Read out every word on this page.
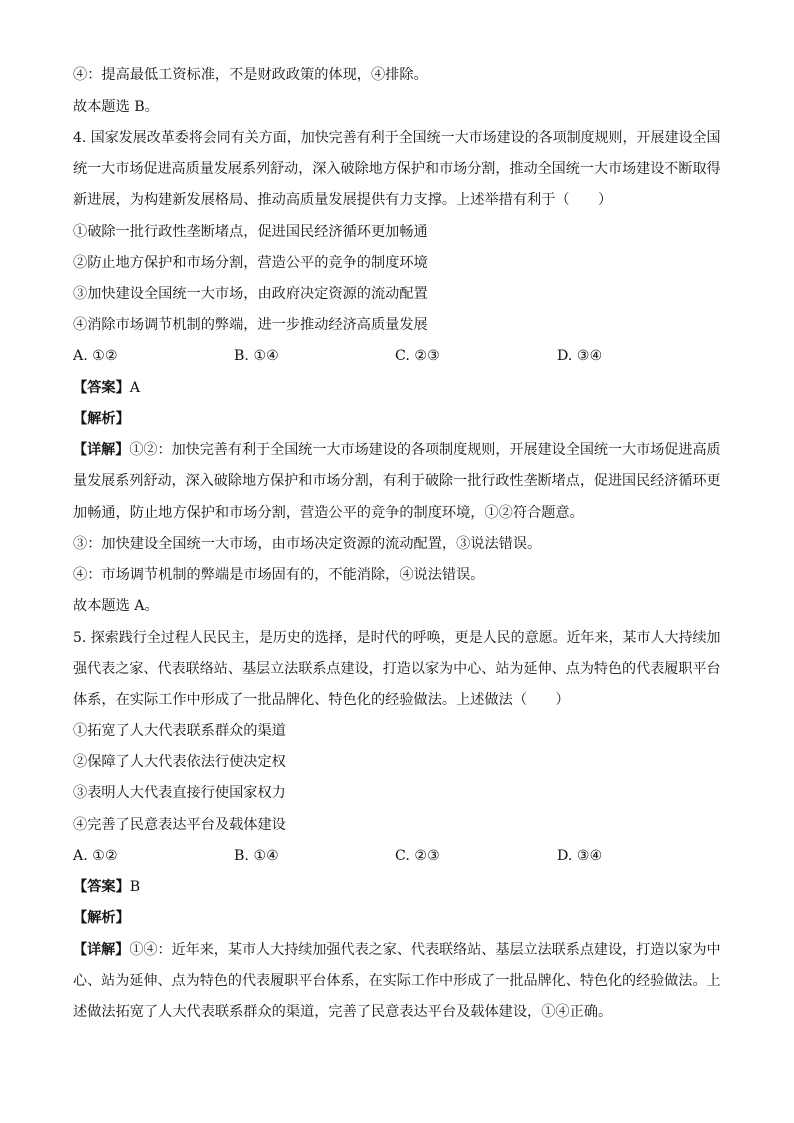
④：提高最低工资标准，不是财政政策的体现，④排除。
故本题选 B。
4. 国家发展改革委将会同有关方面，加快完善有利于全国统一大市场建设的各项制度规则，开展建设全国
统一大市场促进高质量发展系列舒动，深入破除地方保护和市场分割，推动全国统一大市场建设不断取得
新进展，为构建新发展格局、推动高质量发展提供有力支撑。上述举措有利于（　　）
①破除一批行政性垄断堵点，促进国民经济循环更加畅通
②防止地方保护和市场分割，营造公平的竞争的制度环境
③加快建设全国统一大市场，由政府决定资源的流动配置
④消除市场调节机制的弊端，进一步推动经济高质量发展
A. ①②	B. ①④	C. ②③	D. ③④
【答案】A
【解析】
【详解】①②：加快完善有利于全国统一大市场建设的各项制度规则，开展建设全国统一大市场促进高质
量发展系列舒动，深入破除地方保护和市场分割，有利于破除一批行政性垄断堵点，促进国民经济循环更
加畅通，防止地方保护和市场分割，营造公平的竞争的制度环境，①②符合题意。
③：加快建设全国统一大市场，由市场决定资源的流动配置，③说法错误。
④：市场调节机制的弊端是市场固有的，不能消除，④说法错误。
故本题选 A。
5. 探索践行全过程人民民主，是历史的选择，是时代的呼唤，更是人民的意愿。近年来，某市人大持续加
强代表之家、代表联络站、基层立法联系点建设，打造以家为中心、站为延伸、点为特色的代表履职平台
体系，在实际工作中形成了一批品牌化、特色化的经验做法。上述做法（　　）
①拓宽了人大代表联系群众的渠道
②保障了人大代表依法行使决定权
③表明人大代表直接行使国家权力
④完善了民意表达平台及载体建设
A. ①②	B. ①④	C. ②③	D. ③④
【答案】B
【解析】
【详解】①④：近年来，某市人大持续加强代表之家、代表联络站、基层立法联系点建设，打造以家为中
心、站为延伸、点为特色的代表履职平台体系，在实际工作中形成了一批品牌化、特色化的经验做法。上
述做法拓宽了人大代表联系群众的渠道，完善了民意表达平台及载体建设，①④正确。
